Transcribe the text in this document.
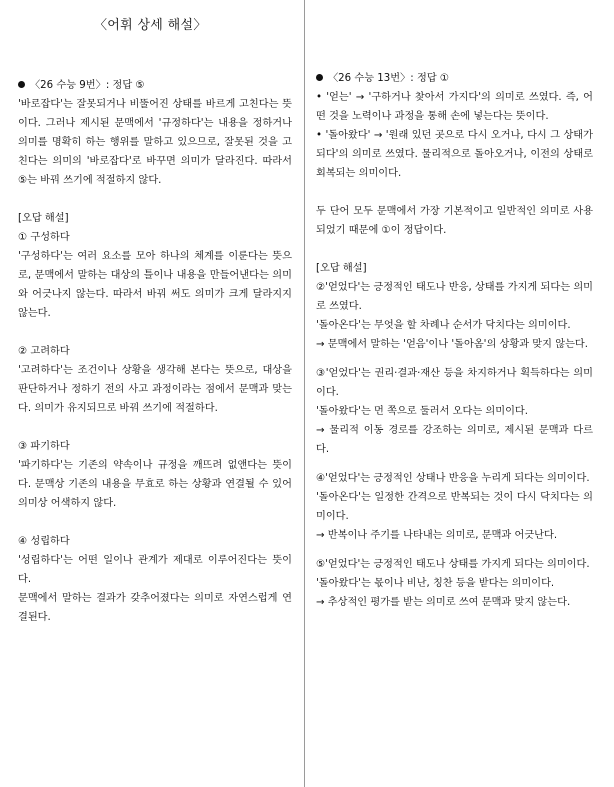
〈어휘 상세 해설〉

〈26 수능 9번〉: 정답 ⑤

'바로잡다'는 잘못되거나 비뚤어진 상태를 바르게 고친다는 뜻이다. 그러나 제시된 문맥에서 '규정하다'는 내용을 정하거나 의미를 명확히 하는 행위를 말하고 있으므로, 잘못된 것을 고친다는 의미의 '바로잡다'로 바꾸면 의미가 달라진다. 따라서 ⑤는 바꿔 쓰기에 적절하지 않다.

[오답 해설]

① 구성하다

'구성하다'는 여러 요소를 모아 하나의 체계를 이룬다는 뜻으로, 문맥에서 말하는 대상의 틀이나 내용을 만들어낸다는 의미와 어긋나지 않는다. 따라서 바꿔 써도 의미가 크게 달라지지 않는다.

② 고려하다

'고려하다'는 조건이나 상황을 생각해 본다는 뜻으로, 대상을 판단하거나 정하기 전의 사고 과정이라는 점에서 문맥과 맞는다. 의미가 유지되므로 바꿔 쓰기에 적절하다.

③ 파기하다

'파기하다'는 기존의 약속이나 규정을 깨뜨려 없앤다는 뜻이다. 문맥상 기존의 내용을 무효로 하는 상황과 연결될 수 있어 의미상 어색하지 않다.

④ 성립하다

'성립하다'는 어떤 일이나 관계가 제대로 이루어진다는 뜻이다.

문맥에서 말하는 결과가 갖추어졌다는 의미로 자연스럽게 연결된다.

〈26 수능 13번〉: 정답 ①

• '얻는' → '구하거나 찾아서 가지다'의 의미로 쓰였다. 즉, 어떤 것을 노력이나 과정을 통해 손에 넣는다는 뜻이다.

• '돌아왔다' → '원래 있던 곳으로 다시 오거나, 다시 그 상태가 되다'의 의미로 쓰였다. 물리적으로 돌아오거나, 이전의 상태로 회복되는 의미이다.

두 단어 모두 문맥에서 가장 기본적이고 일반적인 의미로 사용되었기 때문에 ①이 정답이다.

[오답 해설]

②'얻었다'는 긍정적인 태도나 반응, 상태를 가지게 되다는 의미로 쓰였다.

'돌아온다'는 무엇을 할 차례나 순서가 닥치다는 의미이다.

→ 문맥에서 말하는 '얻음'이나 '돌아옴'의 상황과 맞지 않는다.

③'얻었다'는 권리·결과·재산 등을 차지하거나 획득하다는 의미이다.

'돌아왔다'는 먼 쪽으로 둘러서 오다는 의미이다.

→ 물리적 이동 경로를 강조하는 의미로, 제시된 문맥과 다르다.

④'얻었다'는 긍정적인 상태나 반응을 누리게 되다는 의미이다.

'돌아온다'는 일정한 간격으로 반복되는 것이 다시 닥치다는 의미이다.

→ 반복이나 주기를 나타내는 의미로, 문맥과 어긋난다.

⑤'얻었다'는 긍정적인 태도나 상태를 가지게 되다는 의미이다.

'돌아왔다'는 몫이나 비난, 칭찬 등을 받다는 의미이다.

→ 추상적인 평가를 받는 의미로 쓰여 문맥과 맞지 않는다.
